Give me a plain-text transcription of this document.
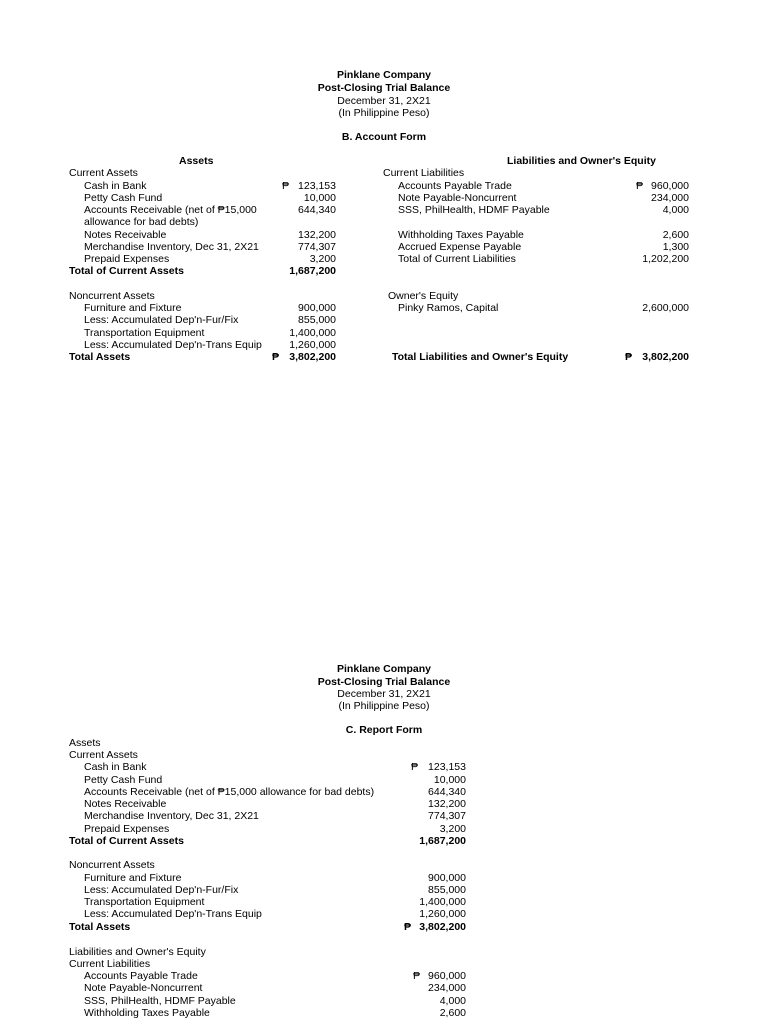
Pinklane Company
Post-Closing Trial Balance
December 31, 2X21
(In Philippine Peso)
B. Account Form
Assets
Current Assets
Cash in Bank	₱ 123,153
Petty Cash Fund	10,000
Accounts Receivable (net of ₱15,000	644,340
allowance for bad debts)
Notes Receivable	132,200
Merchandise Inventory, Dec 31, 2X21	774,307
Prepaid Expenses	3,200
Total of Current Assets	1,687,200
Noncurrent Assets
Furniture and Fixture	900,000
Less: Accumulated Dep'n-Fur/Fix	855,000
Transportation Equipment	1,400,000
Less: Accumulated Dep'n-Trans Equip	1,260,000
Total Assets	₱ 3,802,200
Liabilities and Owner's Equity
Current Liabilities
Accounts Payable Trade	₱ 960,000
Note Payable-Noncurrent	234,000
SSS, PhilHealth, HDMF Payable	4,000
Withholding Taxes Payable	2,600
Accrued Expense Payable	1,300
Total of Current Liabilities	1,202,200
Owner's Equity
Pinky Ramos, Capital	2,600,000
Total Liabilities and Owner's Equity	₱ 3,802,200
Pinklane Company
Post-Closing Trial Balance
December 31, 2X21
(In Philippine Peso)
C. Report Form
Assets
Current Assets
Cash in Bank	₱ 123,153
Petty Cash Fund	10,000
Accounts Receivable (net of ₱15,000 allowance for bad debts)	644,340
Notes Receivable	132,200
Merchandise Inventory, Dec 31, 2X21	774,307
Prepaid Expenses	3,200
Total of Current Assets	1,687,200
Noncurrent Assets
Furniture and Fixture	900,000
Less: Accumulated Dep'n-Fur/Fix	855,000
Transportation Equipment	1,400,000
Less: Accumulated Dep'n-Trans Equip	1,260,000
Total Assets	₱ 3,802,200
Liabilities and Owner's Equity
Current Liabilities
Accounts Payable Trade	₱ 960,000
Note Payable-Noncurrent	234,000
SSS, PhilHealth, HDMF Payable	4,000
Withholding Taxes Payable	2,600
